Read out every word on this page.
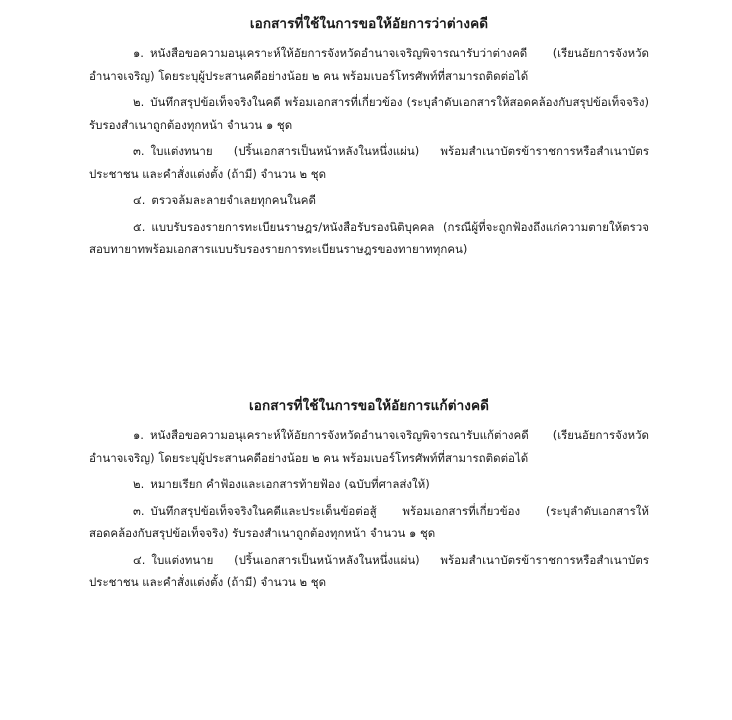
เอกสารที่ใช้ในการขอให้อัยการว่าต่างคดี

๑. หนังสือขอความอนุเคราะห์ให้อัยการจังหวัดอำนาจเจริญพิจารณารับว่าต่างคดี (เรียนอัยการจังหวัดอำนาจเจริญ) โดยระบุผู้ประสานคดีอย่างน้อย ๒ คน พร้อมเบอร์โทรศัพท์ที่สามารถติดต่อได้

๒. บันทึกสรุปข้อเท็จจริงในคดี พร้อมเอกสารที่เกี่ยวข้อง (ระบุลำดับเอกสารให้สอดคล้องกับสรุปข้อเท็จจริง) รับรองสำเนาถูกต้องทุกหน้า จำนวน ๑ ชุด

๓. ใบแต่งทนาย (ปริ้นเอกสารเป็นหน้าหลังในหนึ่งแผ่น) พร้อมสำเนาบัตรข้าราชการหรือสำเนาบัตรประชาชน และคำสั่งแต่งตั้ง (ถ้ามี) จำนวน ๒ ชุด

๔. ตรวจล้มละลายจำเลยทุกคนในคดี

๕. แบบรับรองรายการทะเบียนราษฎร/หนังสือรับรองนิติบุคคล (กรณีผู้ที่จะถูกฟ้องถึงแก่ความตายให้ตรวจสอบทายาทพร้อมเอกสารแบบรับรองรายการทะเบียนราษฎรของทายาททุกคน)

เอกสารที่ใช้ในการขอให้อัยการแก้ต่างคดี

๑. หนังสือขอความอนุเคราะห์ให้อัยการจังหวัดอำนาจเจริญพิจารณารับแก้ต่างคดี (เรียนอัยการจังหวัดอำนาจเจริญ) โดยระบุผู้ประสานคดีอย่างน้อย ๒ คน พร้อมเบอร์โทรศัพท์ที่สามารถติดต่อได้

๒. หมายเรียก คำฟ้องและเอกสารท้ายฟ้อง (ฉบับที่ศาลส่งให้)

๓. บันทึกสรุปข้อเท็จจริงในคดีและประเด็นข้อต่อสู้ พร้อมเอกสารที่เกี่ยวข้อง (ระบุลำดับเอกสารให้สอดคล้องกับสรุปข้อเท็จจริง) รับรองสำเนาถูกต้องทุกหน้า จำนวน ๑ ชุด

๔. ใบแต่งทนาย (ปริ้นเอกสารเป็นหน้าหลังในหนึ่งแผ่น) พร้อมสำเนาบัตรข้าราชการหรือสำเนาบัตรประชาชน และคำสั่งแต่งตั้ง (ถ้ามี) จำนวน ๒ ชุด
